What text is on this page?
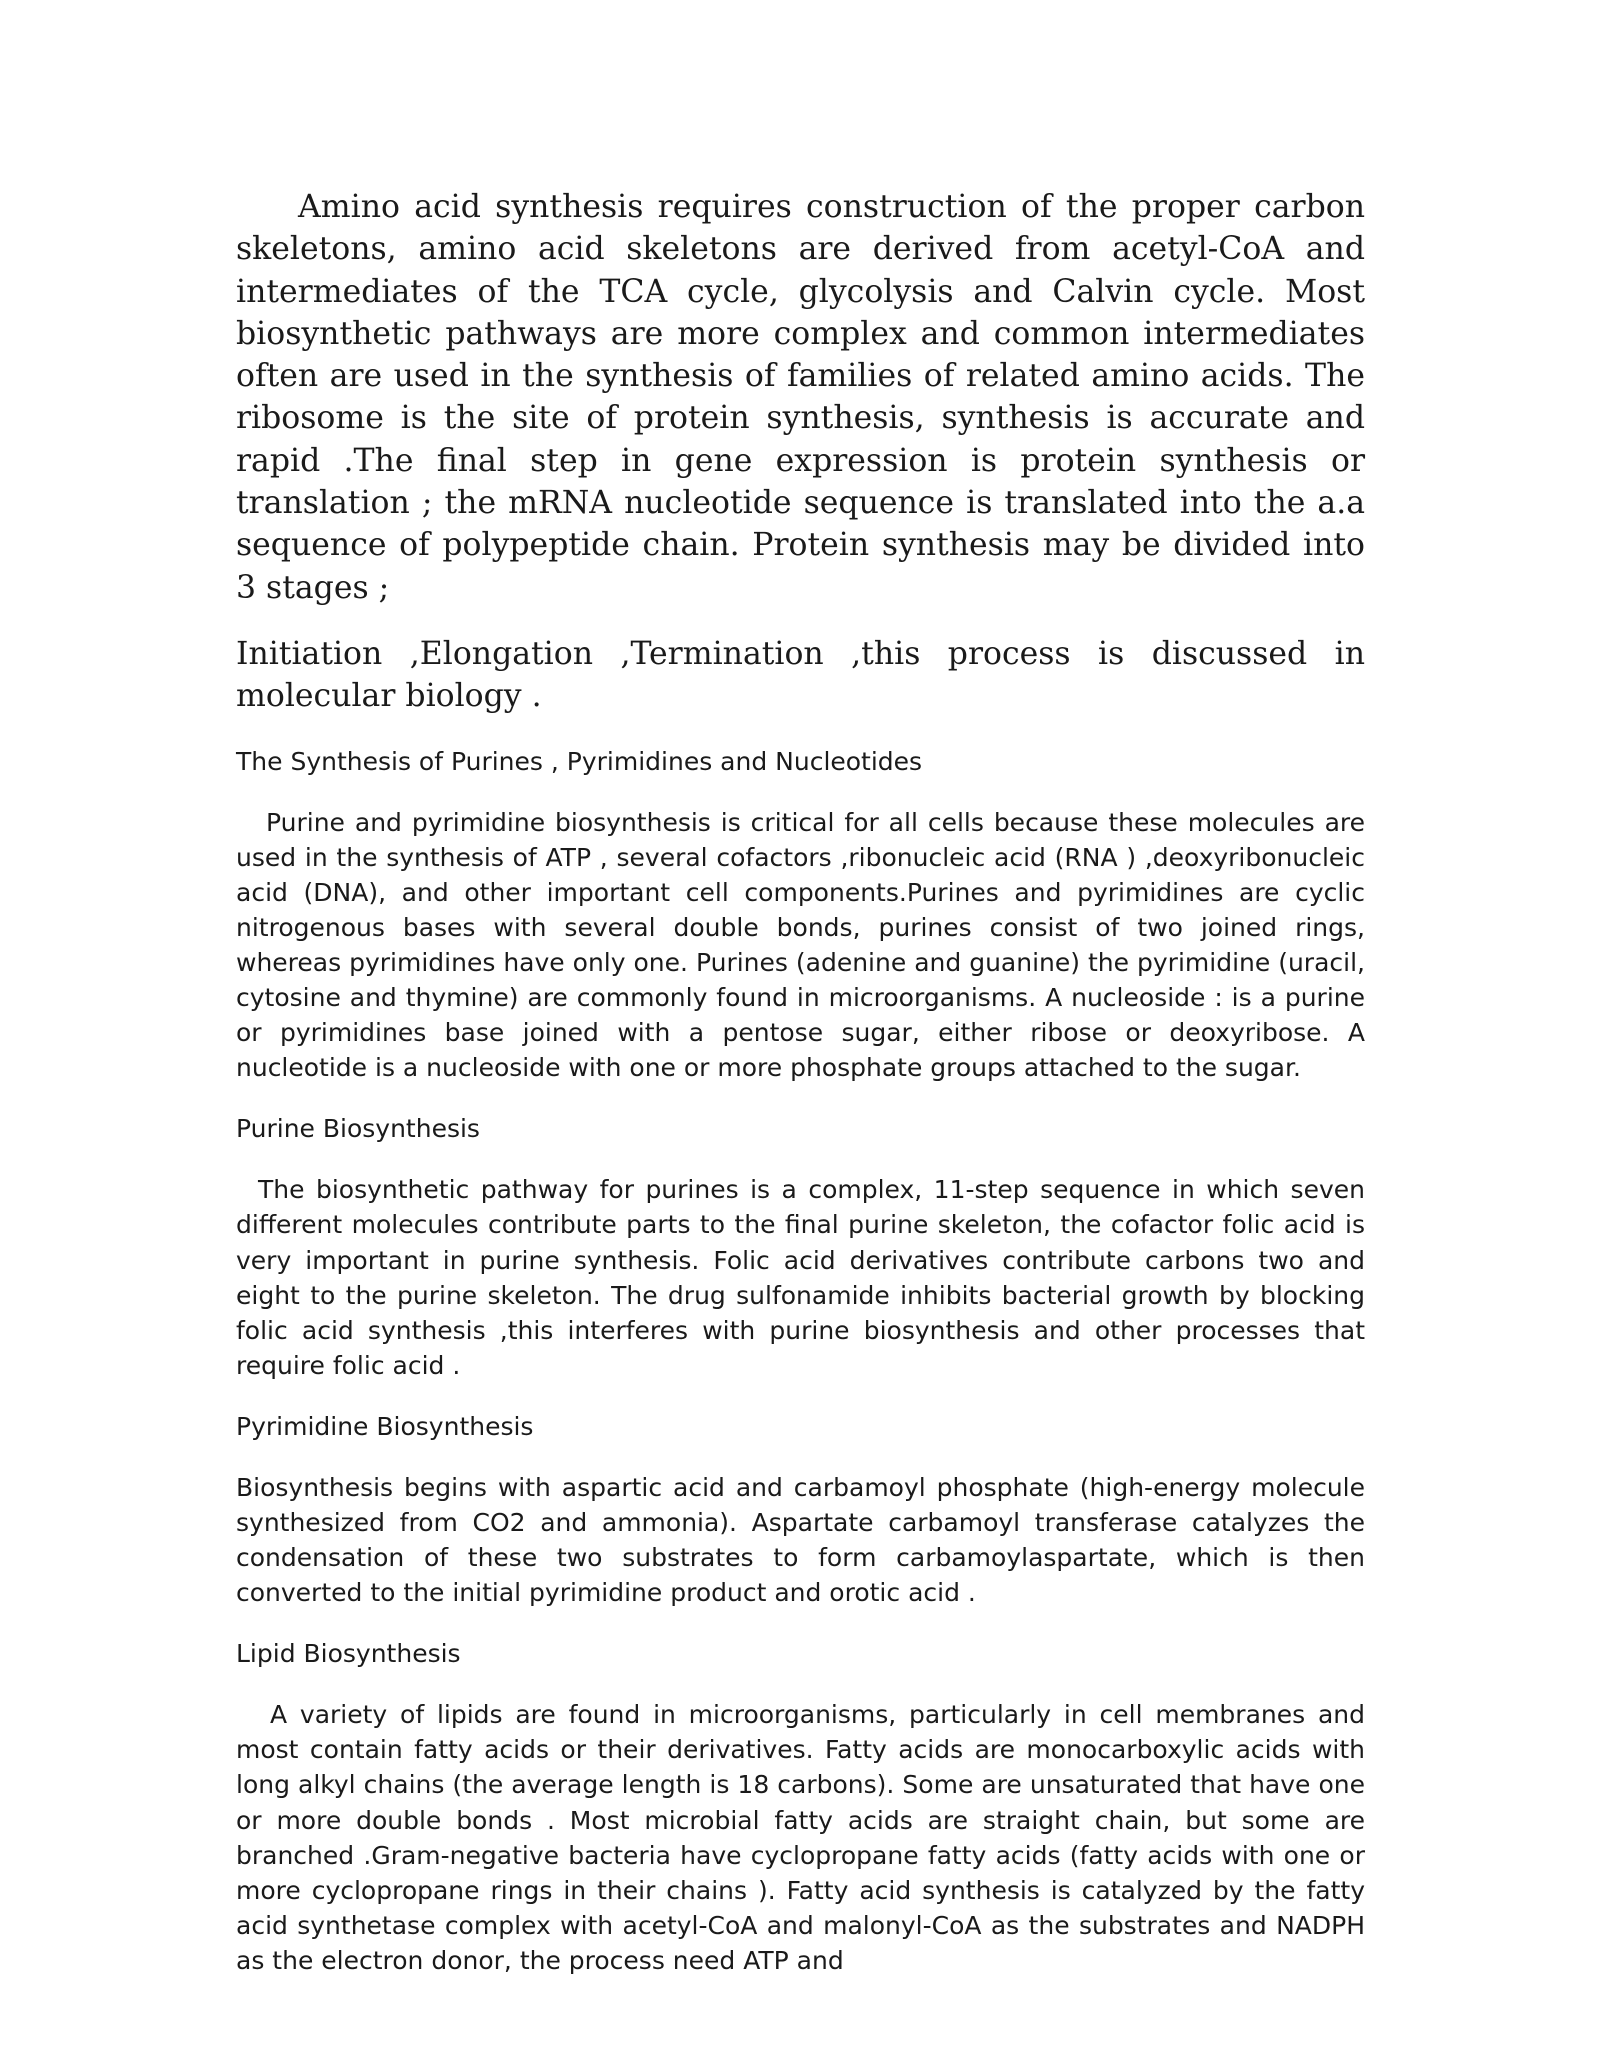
Amino acid synthesis requires construction of the proper carbon skeletons, amino acid skeletons are derived from acetyl-CoA and intermediates of the TCA cycle, glycolysis and Calvin cycle. Most biosynthetic pathways are more complex and common intermediates often are used in the synthesis of families of related amino acids. The ribosome is the site of protein synthesis, synthesis is accurate and rapid .The final step in gene expression is protein synthesis or translation ; the mRNA nucleotide sequence is translated into the a.a sequence of polypeptide chain. Protein synthesis may be divided into 3 stages ;

Initiation ,Elongation ,Termination ,this process is discussed in molecular biology .

The Synthesis of Purines , Pyrimidines and Nucleotides

Purine and pyrimidine biosynthesis is critical for all cells because these molecules are used in the synthesis of ATP , several cofactors ,ribonucleic acid (RNA ) ,deoxyribonucleic acid (DNA), and other important cell components.Purines and pyrimidines are cyclic nitrogenous bases with several double bonds, purines consist of two joined rings, whereas pyrimidines have only one. Purines (adenine and guanine) the pyrimidine (uracil, cytosine and thymine) are commonly found in microorganisms. A nucleoside : is a purine or pyrimidines base joined with a pentose sugar, either ribose or deoxyribose. A nucleotide is a nucleoside with one or more phosphate groups attached to the sugar.

Purine Biosynthesis

The biosynthetic pathway for purines is a complex, 11-step sequence in which seven different molecules contribute parts to the final purine skeleton, the cofactor folic acid is very important in purine synthesis. Folic acid derivatives contribute carbons two and eight to the purine skeleton. The drug sulfonamide inhibits bacterial growth by blocking folic acid synthesis ,this interferes with purine biosynthesis and other processes that require folic acid .

Pyrimidine Biosynthesis

Biosynthesis begins with aspartic acid and carbamoyl phosphate (high-energy molecule synthesized from CO2 and ammonia). Aspartate carbamoyl transferase catalyzes the condensation of these two substrates to form carbamoylaspartate, which is then converted to the initial pyrimidine product and orotic acid .

Lipid Biosynthesis

A variety of lipids are found in microorganisms, particularly in cell membranes and most contain fatty acids or their derivatives. Fatty acids are monocarboxylic acids with long alkyl chains (the average length is 18 carbons). Some are unsaturated that have one or more double bonds . Most microbial fatty acids are straight chain, but some are branched .Gram-negative bacteria have cyclopropane fatty acids (fatty acids with one or more cyclopropane rings in their chains ). Fatty acid synthesis is catalyzed by the fatty acid synthetase complex with acetyl-CoA and malonyl-CoA as the substrates and NADPH as the electron donor, the process need ATP and
